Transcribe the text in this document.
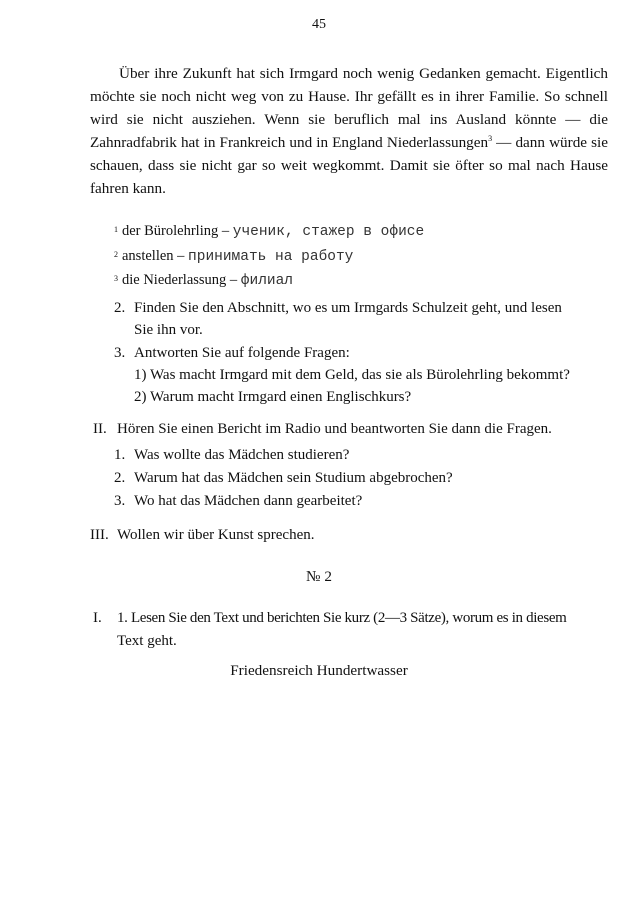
45

Über ihre Zukunft hat sich Irmgard noch wenig Gedanken gemacht. Eigentlich möchte sie noch nicht weg von zu Hause. Ihr gefällt es in ihrer Familie. So schnell wird sie nicht ausziehen. Wenn sie beruflich mal ins Ausland könnte — die Zahnradfabrik hat in Frankreich und in England Niederlassungen$^3$ — dann würde sie schauen, dass sie nicht gar so weit wegkommt. Damit sie öfter so mal nach Hause fahren kann.

$^1$ der Bürolehrling – ученик, стажер в офисе
$^2$ anstellen – принимать на работу
$^3$ die Niederlassung – филиал
2. Finden Sie den Abschnitt, wo es um Irmgards Schulzeit geht, und lesen
Sie ihn vor.
3. Antworten Sie auf folgende Fragen:
1) Was macht Irmgard mit dem Geld, das sie als Bürolehrling bekommt?
2) Warum macht Irmgard einen Englischkurs?
II. Hören Sie einen Bericht im Radio und beantworten Sie dann die Fragen.
1. Was wollte das Mädchen studieren?
2. Warum hat das Mädchen sein Studium abgebrochen?
3. Wo hat das Mädchen dann gearbeitet?
III. Wollen wir über Kunst sprechen.
№ 2
I. 1. Lesen Sie den Text und berichten Sie kurz (2—3 Sätze), worum es in diesem
Text geht.
Friedensreich Hundertwasser
